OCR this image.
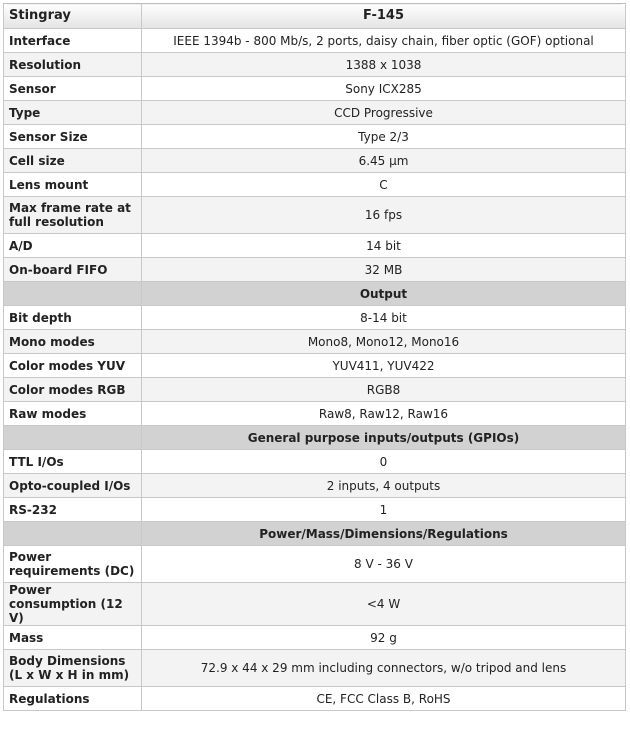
Stingray	F-145
Interface	IEEE 1394b - 800 Mb/s, 2 ports, daisy chain, fiber optic (GOF) optional
Resolution	1388 x 1038
Sensor	Sony ICX285
Type	CCD Progressive
Sensor Size	Type 2/3
Cell size	6.45 µm
Lens mount	C
Max frame rate at full resolution	16 fps
A/D	14 bit
On-board FIFO	32 MB
	Output
Bit depth	8-14 bit
Mono modes	Mono8, Mono12, Mono16
Color modes YUV	YUV411, YUV422
Color modes RGB	RGB8
Raw modes	Raw8, Raw12, Raw16
	General purpose inputs/outputs (GPIOs)
TTL I/Os	0
Opto-coupled I/Os	2 inputs, 4 outputs
RS-232	1
	Power/Mass/Dimensions/Regulations
Power requirements (DC)	8 V - 36 V
Power consumption (12 V)	<4 W
Mass	92 g
Body Dimensions (L x W x H in mm)	72.9 x 44 x 29 mm including connectors, w/o tripod and lens
Regulations	CE, FCC Class B, RoHS
